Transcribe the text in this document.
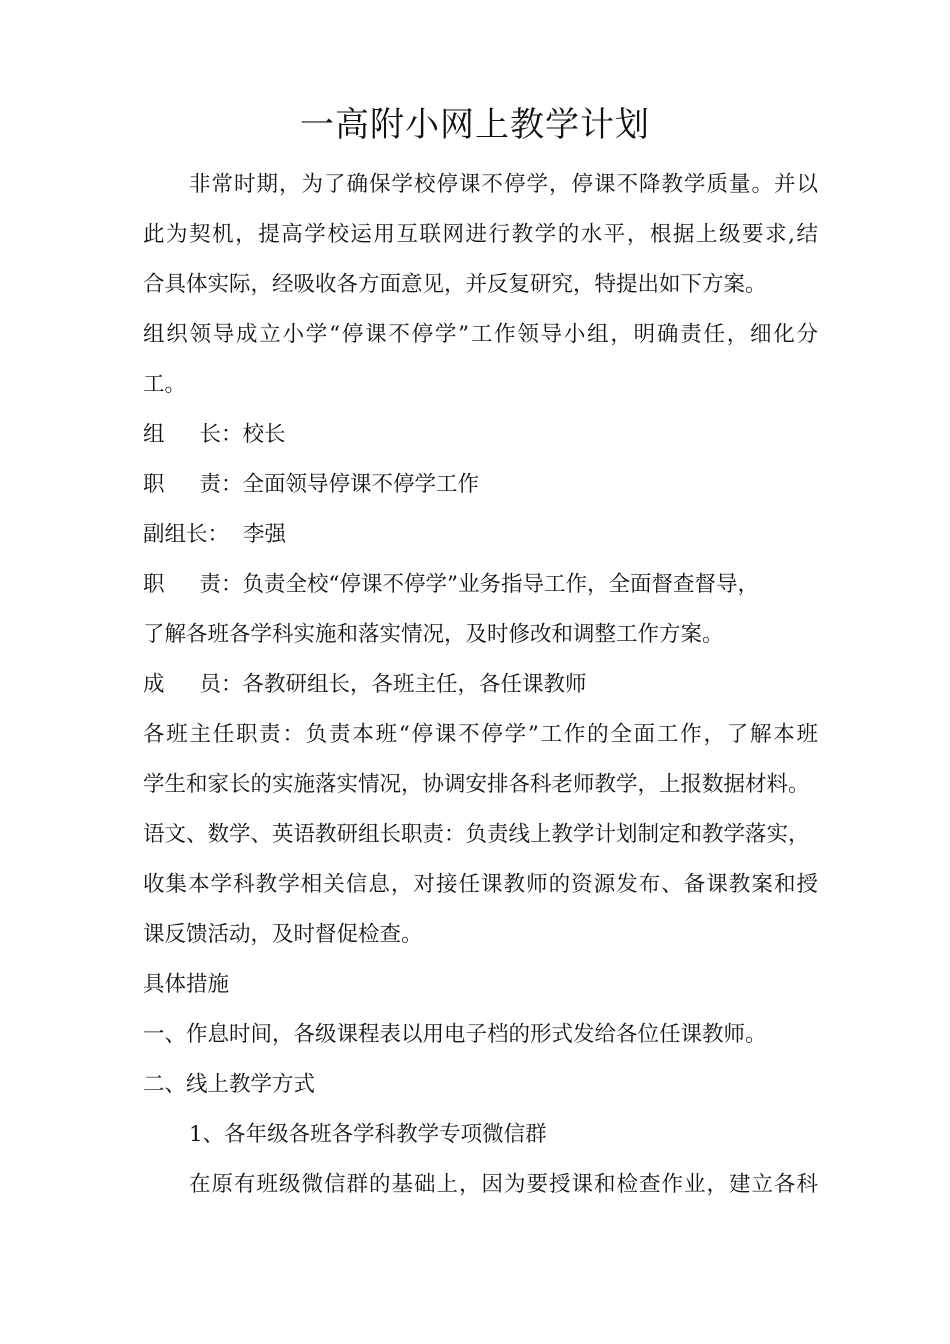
一高附小网上教学计划
非常时期，为了确保学校停课不停学，停课不降教学质量。并以
此为契机，提高学校运用互联网进行教学的水平，根据上级要求,结
合具体实际，经吸收各方面意见，并反复研究，特提出如下方案。
组织领导成立小学“停课不停学”工作领导小组，明确责任，细化分
工。
组 长：校长
职 责：全面领导停课不停学工作
副组长： 李强
职 责：负责全校“停课不停学”业务指导工作，全面督查督导，
了解各班各学科实施和落实情况，及时修改和调整工作方案。
成 员：各教研组长，各班主任，各任课教师
各班主任职责：负责本班“停课不停学”工作的全面工作，了解本班
学生和家长的实施落实情况，协调安排各科老师教学，上报数据材料。
语文、数学、英语教研组长职责：负责线上教学计划制定和教学落实，
收集本学科教学相关信息，对接任课教师的资源发布、备课教案和授
课反馈活动，及时督促检查。
具体措施
一、作息时间，各级课程表以用电子档的形式发给各位任课教师。
二、线上教学方式
1、各年级各班各学科教学专项微信群
在原有班级微信群的基础上，因为要授课和检查作业，建立各科
